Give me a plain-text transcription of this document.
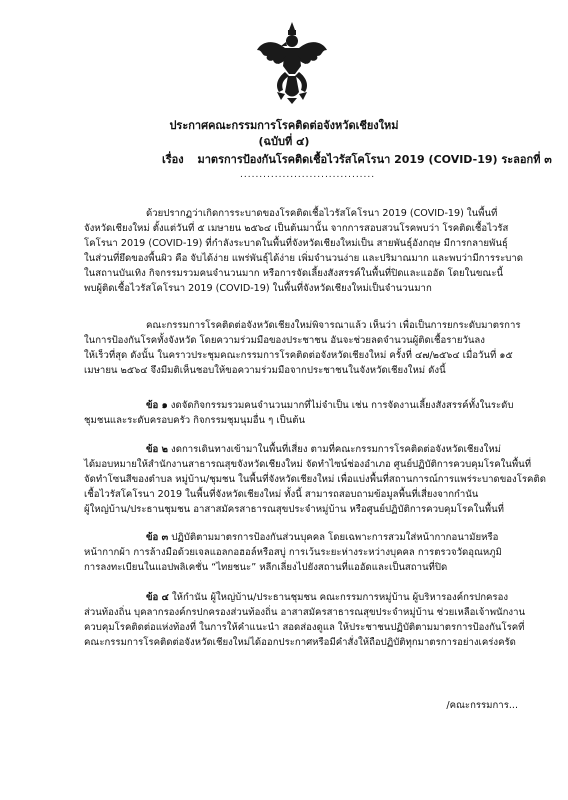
ประกาศคณะกรรมการโรคติดต่อจังหวัดเชียงใหม่
(ฉบับที่ ๔)
เรื่อง มาตรการป้องกันโรคติดเชื้อไวรัสโคโรนา 2019 (COVID-19) ระลอกที่ ๓
...................................
ด้วยปรากฏว่าเกิดการระบาดของโรคติดเชื้อไวรัสโคโรนา 2019 (COVID-19) ในพื้นที่
จังหวัดเชียงใหม่ ตั้งแต่วันที่ ๕ เมษายน ๒๕๖๔ เป็นต้นมานั้น จากการสอบสวนโรคพบว่า โรคติดเชื้อไวรัส
โคโรนา 2019 (COVID-19) ที่กำลังระบาดในพื้นที่จังหวัดเชียงใหม่เป็น สายพันธุ์อังกฤษ มีการกลายพันธุ์
ในส่วนที่ยึดของพื้นผิว คือ จับได้ง่าย แพร่พันธุ์ได้ง่าย เพิ่มจำนวนง่าย และปริมาณมาก และพบว่ามีการระบาด
ในสถานบันเทิง กิจกรรมรวมคนจำนวนมาก หรือการจัดเลี้ยงสังสรรค์ในพื้นที่ปิดและแออัด โดยในขณะนี้
พบผู้ติดเชื้อไวรัสโคโรนา 2019 (COVID-19) ในพื้นที่จังหวัดเชียงใหม่เป็นจำนวนมาก
คณะกรรมการโรคติดต่อจังหวัดเชียงใหม่พิจารณาแล้ว เห็นว่า เพื่อเป็นการยกระดับมาตรการ
ในการป้องกันโรคทั้งจังหวัด โดยความร่วมมือของประชาชน อันจะช่วยลดจำนวนผู้ติดเชื้อรายวันลง
ให้เร็วที่สุด ดังนั้น ในคราวประชุมคณะกรรมการโรคติดต่อจังหวัดเชียงใหม่ ครั้งที่ ๔๗/๒๕๖๔ เมื่อวันที่ ๑๕
เมษายน ๒๕๖๔ จึงมีมติเห็นชอบให้ขอความร่วมมือจากประชาชนในจังหวัดเชียงใหม่ ดังนี้
ข้อ ๑ งดจัดกิจกรรมรวมคนจำนวนมากที่ไม่จำเป็น เช่น การจัดงานเลี้ยงสังสรรค์ทั้งในระดับ
ชุมชนและระดับครอบครัว กิจกรรมชุมนุมอื่น ๆ เป็นต้น
ข้อ ๒ งดการเดินทางเข้ามาในพื้นที่เสี่ยง ตามที่คณะกรรมการโรคติดต่อจังหวัดเชียงใหม่
ได้มอบหมายให้สำนักงานสาธารณสุขจังหวัดเชียงใหม่ จัดทำไซน์ช่องอำเภอ ศูนย์ปฏิบัติการควบคุมโรคในพื้นที่
จัดทำโซนสีของตำบล หมู่บ้าน/ชุมชน ในพื้นที่จังหวัดเชียงใหม่ เพื่อแบ่งพื้นที่สถานการณ์การแพร่ระบาดของโรคติด
เชื้อไวรัสโคโรนา 2019 ในพื้นที่จังหวัดเชียงใหม่ ทั้งนี้ สามารถสอบถามข้อมูลพื้นที่เสี่ยงจากกำนัน
ผู้ใหญ่บ้าน/ประธานชุมชน อาสาสมัครสาธารณสุขประจำหมู่บ้าน หรือศูนย์ปฏิบัติการควบคุมโรคในพื้นที่
ข้อ ๓ ปฏิบัติตามมาตรการป้องกันส่วนบุคคล โดยเฉพาะการสวมใส่หน้ากากอนามัยหรือ
หน้ากากผ้า การล้างมือด้วยเจลแอลกอฮอล์หรือสบู่ การเว้นระยะห่างระหว่างบุคคล การตรวจวัดอุณหภูมิ
การลงทะเบียนในแอปพลิเคชั่น “ไทยชนะ” หลีกเลี่ยงไปยังสถานที่แออัดและเป็นสถานที่ปิด
ข้อ ๔ ให้กำนัน ผู้ใหญ่บ้าน/ประธานชุมชน คณะกรรมการหมู่บ้าน ผู้บริหารองค์กรปกครอง
ส่วนท้องถิ่น บุคลากรองค์กรปกครองส่วนท้องถิ่น อาสาสมัครสาธารณสุขประจำหมู่บ้าน ช่วยเหลือเจ้าพนักงาน
ควบคุมโรคติดต่อแห่งท้องที่ ในการให้คำแนะนำ สอดส่องดูแล ให้ประชาชนปฏิบัติตามมาตรการป้องกันโรคที่
คณะกรรมการโรคติดต่อจังหวัดเชียงใหม่ได้ออกประกาศหรือมีคำสั่งให้ถือปฏิบัติทุกมาตรการอย่างเคร่งครัด
/คณะกรรมการ...
